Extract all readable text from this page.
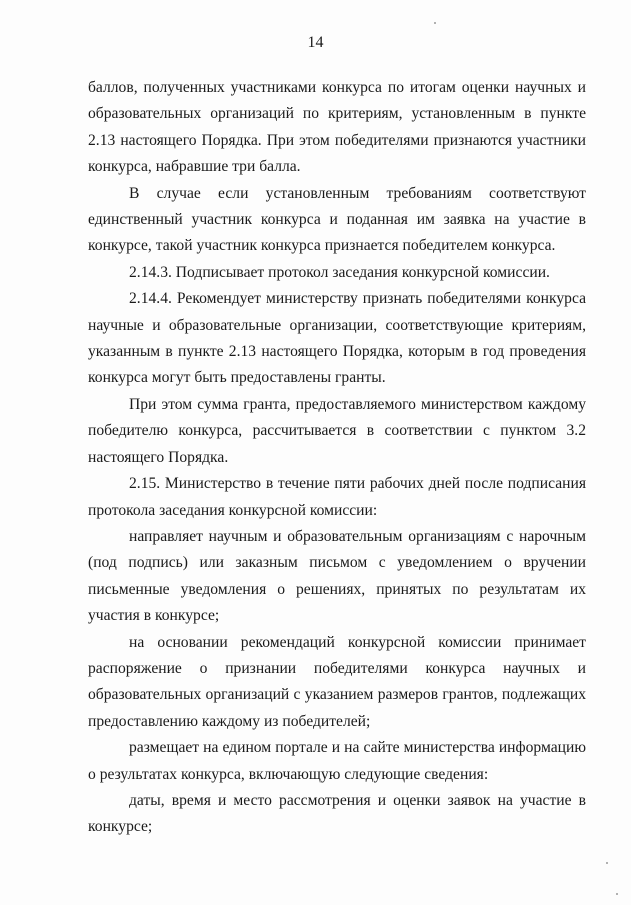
14

баллов, полученных участниками конкурса по итогам оценки научных и образовательных организаций по критериям, установленным в пункте 2.13 настоящего Порядка. При этом победителями признаются участники конкурса, набравшие три балла.

В случае если установленным требованиям соответствуют единственный участник конкурса и поданная им заявка на участие в конкурсе, такой участник конкурса признается победителем конкурса.

2.14.3. Подписывает протокол заседания конкурсной комиссии.

2.14.4. Рекомендует министерству признать победителями конкурса научные и образовательные организации, соответствующие критериям, указанным в пункте 2.13 настоящего Порядка, которым в год проведения конкурса могут быть предоставлены гранты.

При этом сумма гранта, предоставляемого министерством каждому победителю конкурса, рассчитывается в соответствии с пунктом 3.2 настоящего Порядка.

2.15. Министерство в течение пяти рабочих дней после подписания протокола заседания конкурсной комиссии:

направляет научным и образовательным организациям с нарочным (под подпись) или заказным письмом с уведомлением о вручении письменные уведомления о решениях, принятых по результатам их участия в конкурсе;

на основании рекомендаций конкурсной комиссии принимает распоряжение о признании победителями конкурса научных и образовательных организаций с указанием размеров грантов, подлежащих предоставлению каждому из победителей;

размещает на едином портале и на сайте министерства информацию о результатах конкурса, включающую следующие сведения:

даты, время и место рассмотрения и оценки заявок на участие в конкурсе;
